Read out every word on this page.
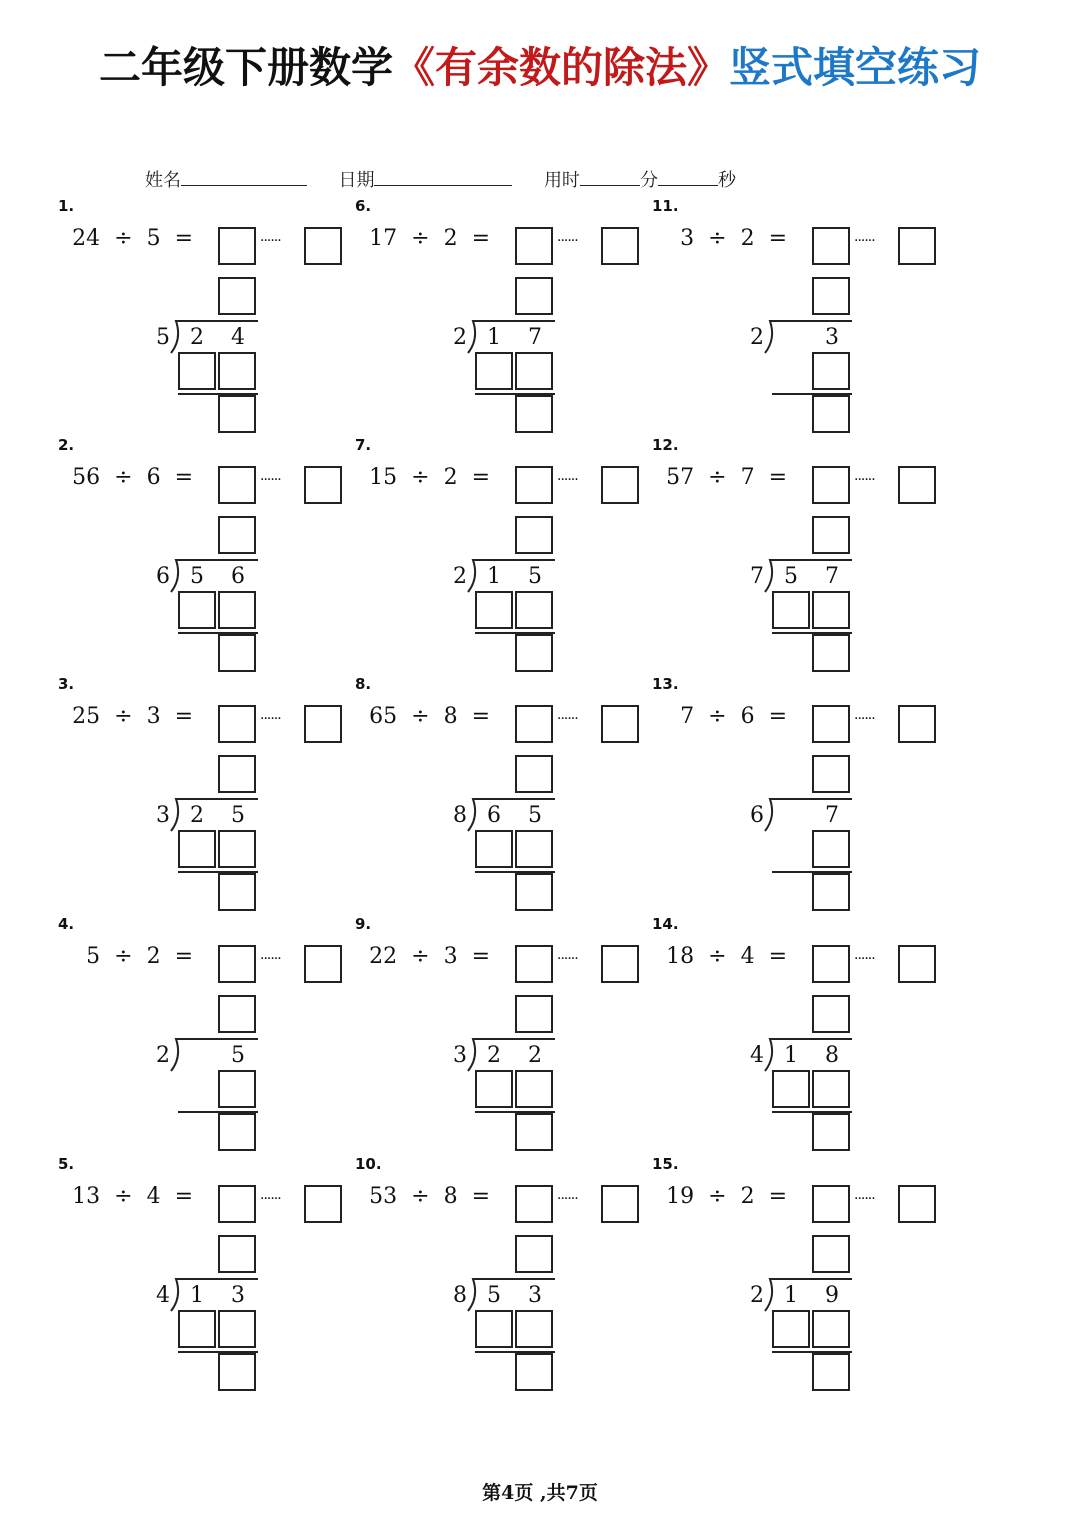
二年级下册数学《有余数的除法》竖式填空练习
姓名	日期	用时	分	秒
1.
24 ÷ 5 =	······
5 2 4
2.
56 ÷ 6 =	······
6 5 6
3.
25 ÷ 3 =	······
3 2 5
4.
5 ÷ 2 =	······
2	5
5.
13 ÷ 4 =	······
4 1 3
6.
17 ÷ 2 =	······
2 1 7
7.
15 ÷ 2 =	······
2 1 5
8.
65 ÷ 8 =	······
8 6 5
9.
22 ÷ 3 =	······
3 2 2
10.
53 ÷ 8 =	······
8 5 3
11.
3 ÷ 2 =	······
2	3
12.
57 ÷ 7 =	······
7 5 7
13.
7 ÷ 6 =	······
6	7
14.
18 ÷ 4 =	······
4 1 8
15.
19 ÷ 2 =	······
2 1 9
第4页 ,共7页
